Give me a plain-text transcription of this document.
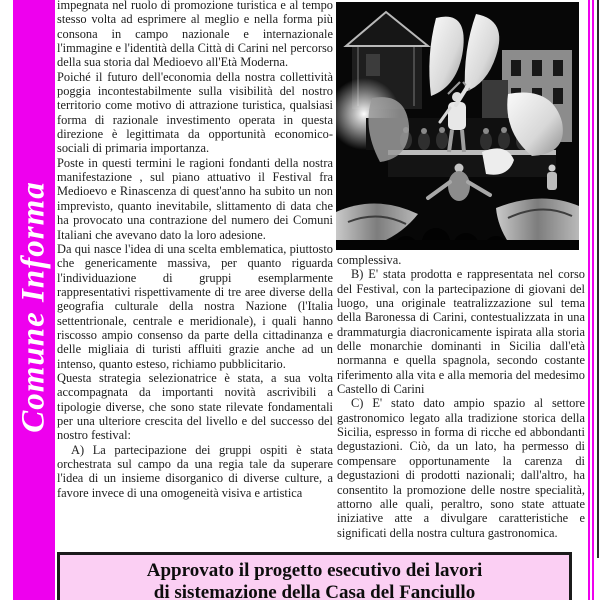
Comune Informa

impegnata nel ruolo di promozione turistica e al tempo stesso volta ad esprimere al meglio e nella forma più consona in campo nazionale e internazionale l'immagine e l'identità della Città di Carini nel percorso della sua storia dal Medioevo all'Età Moderna.

Poiché il futuro dell'economia della nostra collettività poggia incontestabilmente sulla visibilità del nostro territorio come motivo di attrazione turistica, qualsiasi forma di razionale investimento operata in questa direzione è legittimata da opportunità economico-sociali di primaria importanza.

Poste in questi termini le ragioni fondanti della nostra manifestazione , sul piano attuativo il Festival fra Medioevo e Rinascenza di quest'anno ha subito un non imprevisto, quanto inevitabile, slittamento di data che ha provocato una contrazione del numero dei Comuni Italiani che avevano dato la loro adesione.

Da qui nasce l'idea di una scelta emblematica, piuttosto che genericamente massiva, per quanto riguarda l'individuazione di gruppi esemplarmente rappresentativi rispettivamente di tre aree diverse della geografia culturale della nostra Nazione (l'Italia settentrionale, centrale e meridionale), i quali hanno riscosso ampio consenso da parte della cittadinanza e delle migliaia di turisti affluiti grazie anche ad un intenso, quanto esteso, richiamo pubblicitario.

Questa strategia selezionatrice è stata, a sua volta accompagnata da importanti novità ascrivibili a tipologie diverse, che sono state rilevate fondamentali per una ulteriore crescita del livello e del successo del nostro festival:

A) La partecipazione dei gruppi ospiti è stata orchestrata sul campo da una regia tale da superare l'idea di un insieme disorganico di diverse culture, a favore invece di una omogeneità visiva e artistica

complessiva.

B) E' stata prodotta e rappresentata nel corso del Festival, con la partecipazione di giovani del luogo, una originale teatralizzazione sul tema della Baronessa di Carini, contestualizzata in una drammaturgia diacronicamente ispirata alla storia delle monarchie dominanti in Sicilia dall'età normanna e quella spagnola, secondo costante riferimento alla vita e alla memoria del medesimo Castello di Carini

C) E' stato dato ampio spazio al settore gastronomico legato alla tradizione storica della Sicilia, espresso in forma di ricche ed abbondanti degustazioni. Ciò, da un lato, ha permesso di compensare opportunamente la carenza di degustazioni di prodotti nazionali; dall'altro, ha consentito la promozione delle nostre specialità, attorno alle quali, peraltro, sono state attuate iniziative atte a divulgare caratteristiche e significati della nostra cultura gastronomica.

Approvato il progetto esecutivo dei lavori
di sistemazione della Casa del Fanciullo
